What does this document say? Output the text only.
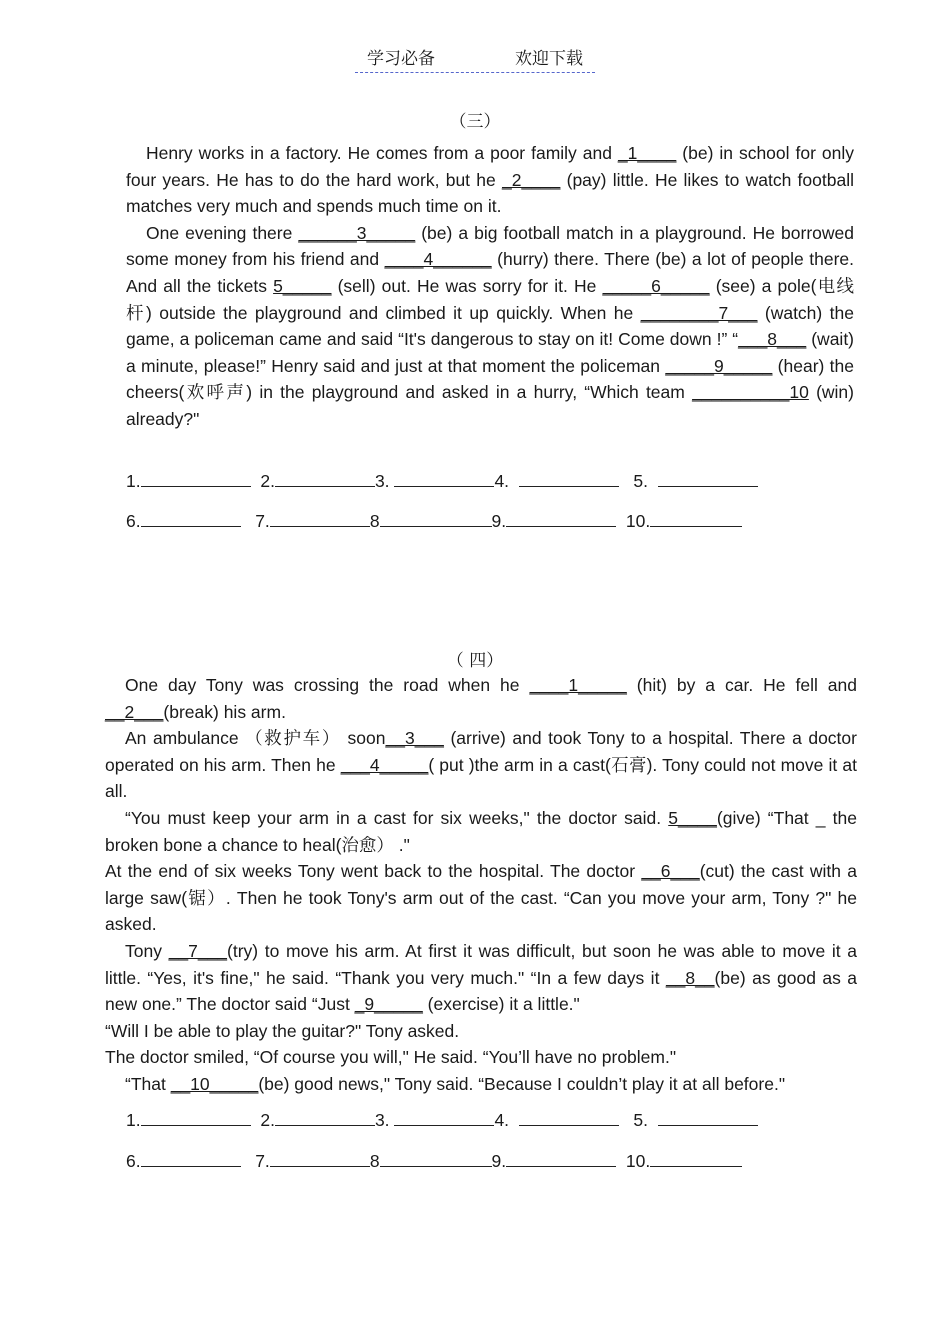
学习必备	欢迎下载
（三）

Henry works in a factory. He comes from a poor family and _1____ (be) in school for only four years. He has to do the hard work, but he _2____ (pay) little. He likes to watch football matches very much and spends much time on it.

One evening there ______3_____ (be) a big football match in a playground. He borrowed some money from his friend and ____4______ (hurry) there. There (be) a lot of people there. And all the tickets 5_____ (sell) out. He was sorry for it. He _____6_____ (see) a pole(电线杆) outside the playground and climbed it up quickly. When he ________7___ (watch) the game, a policeman came and said “It's dangerous to stay on it! Come down !” “___8___ (wait) a minute, please!” Henry said and just at that moment the policeman _____9_____ (hear) the cheers(欢呼声) in the playground and asked in a hurry, “Which team __________10 (win) already?"

1.	2.	3.	4.	5.
6.	7.	8	9.	10.
（ 四）

One day Tony was crossing the road when he ____1_____ (hit) by a car. He fell and __2___(break) his arm.

An ambulance （救护车） soon__3___ (arrive) and took Tony to a hospital. There a doctor operated on his arm. Then he ___4_____( put )the arm in a cast(石膏). Tony could not move it at all.

“You must keep your arm in a cast for six weeks," the doctor said. 5____(give) “That _ the broken bone a chance to heal(治愈） ."

At the end of six weeks Tony went back to the hospital. The doctor __6___(cut) the cast with a large saw(锯）. Then he took Tony's arm out of the cast. “Can you move your arm, Tony ?" he asked.

Tony __7___(try) to move his arm. At first it was difficult, but soon he was able to move it a little. “Yes, it's fine," he said. “Thank you very much." “In a few days it __8__(be) as good as a new one.” The doctor said “Just _9_____ (exercise) it a little."

“Will I be able to play the guitar?" Tony asked.

The doctor smiled, “Of course you will," He said. “You’ll have no problem."

“That __10_____(be) good news," Tony said. “Because I couldn’t play it at all before."

1.	2.	3.	4.	5.
6.	7.	8	9.	10.
